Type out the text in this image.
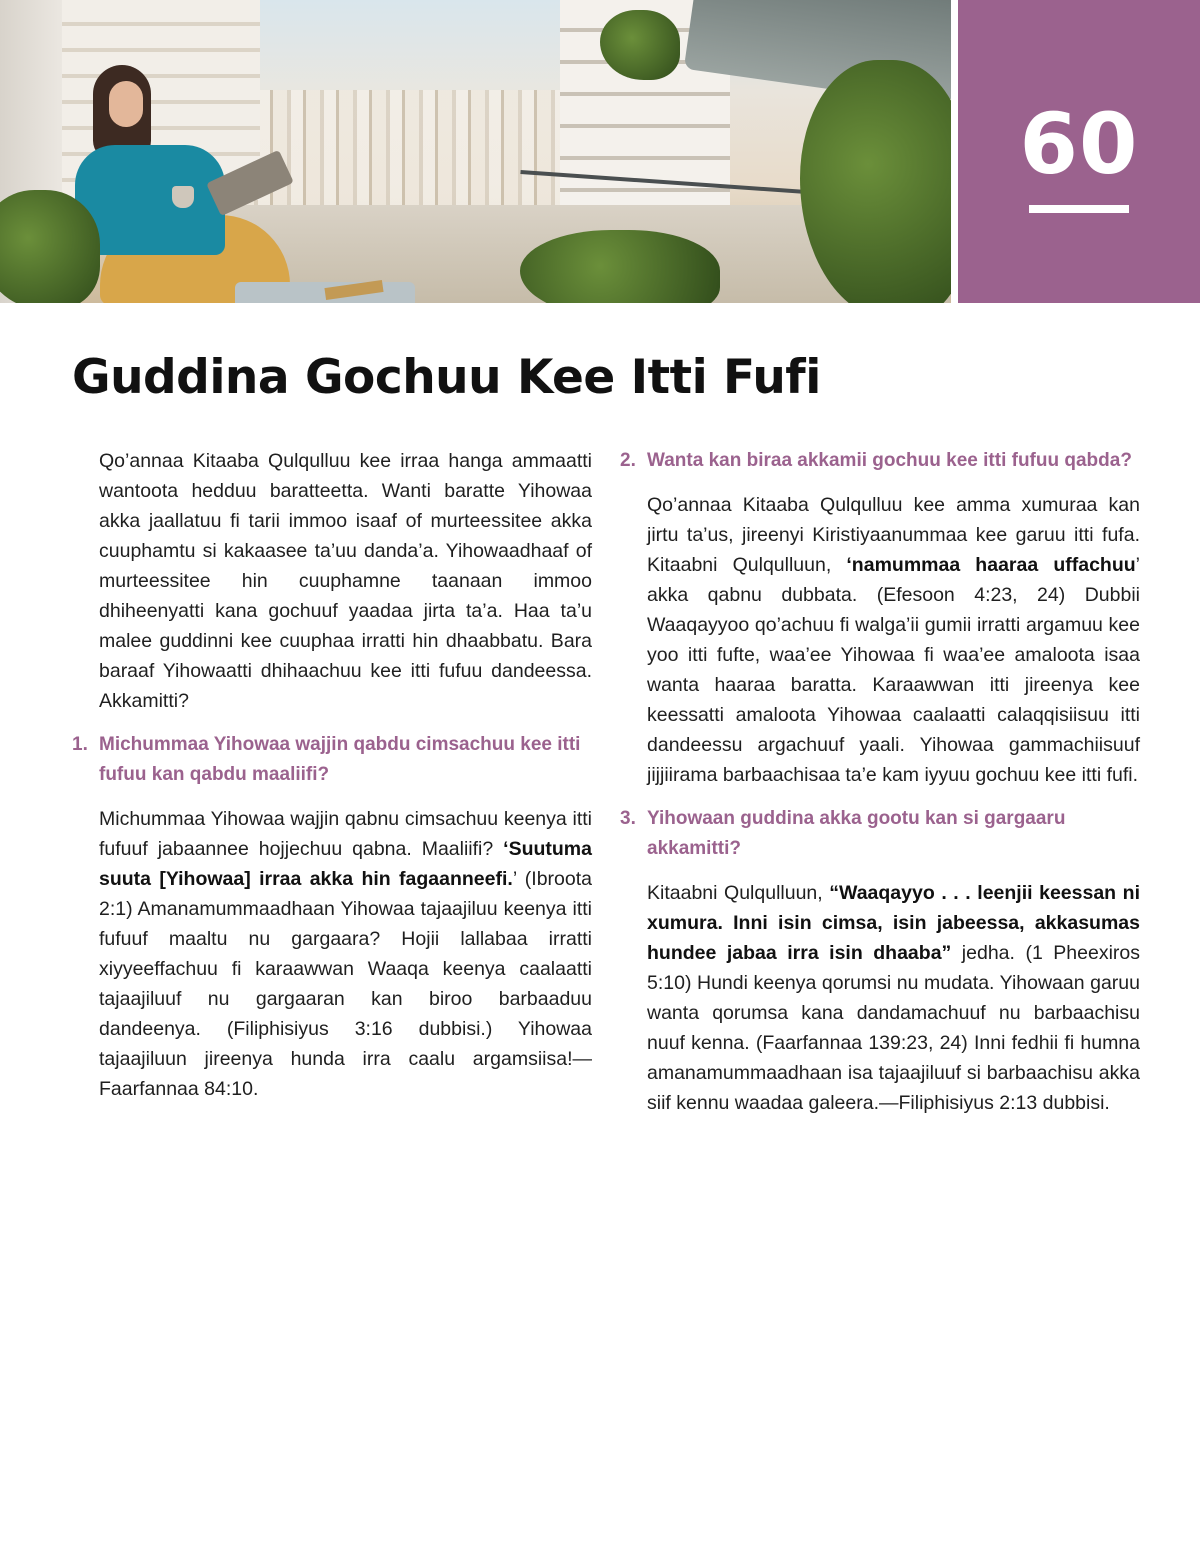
60
Guddina Gochuu Kee Itti Fufi

Qo’annaa Kitaaba Qulqulluu kee irraa hanga ammaatti wantoota hedduu baratteetta. Wanti baratte Yihowaa akka jaallatuu fi tarii immoo isaaf of murteessitee akka cuuphamtu si kakaasee ta’uu danda’a. Yihowaadhaaf of murteessitee hin cuuphamne taanaan immoo dhiheenyatti kana gochuuf yaadaa jirta ta’a. Haa ta’u malee guddinni kee cuuphaa irratti hin dhaabbatu. Bara baraaf Yihowaatti dhihaachuu kee itti fufuu dandeessa. Akkamitti?

1. Michummaa Yihowaa wajjin qabdu cimsachuu kee itti fufuu kan qabdu maaliifi?

Michummaa Yihowaa wajjin qabnu cimsachuu keenya itti fufuuf jabaannee hojjechuu qabna. Maaliifi? ‘Suutuma suuta [Yihowaa] irraa akka hin fagaanneefi.’ (Ibroota 2:1) Amanamummaadhaan Yihowaa tajaajiluu keenya itti fufuuf maaltu nu gargaara? Hojii lallabaa irratti xiyyeeffachuu fi karaawwan Waaqa keenya caalaatti tajaajiluuf nu gargaaran kan biroo barbaaduu dandeenya. (Filiphisiyus 3:16 dubbisi.) Yihowaa tajaajiluun jireenya hunda irra caalu argamsiisa!—Faarfannaa 84:10.

2. Wanta kan biraa akkamii gochuu kee itti fufuu qabda?

Qo’annaa Kitaaba Qulqulluu kee amma xumuraa kan jirtu ta’us, jireenyi Kiristiyaanummaa kee garuu itti fufa. Kitaabni Qulqulluun, ‘namummaa haaraa uffachuu’ akka qabnu dubbata. (Efesoon 4:23, 24) Dubbii Waaqayyoo qo’achuu fi walga’ii gumii irratti argamuu kee yoo itti fufte, waa’ee Yihowaa fi waa’ee amaloota isaa wanta haaraa baratta. Karaawwan itti jireenya kee keessatti amaloota Yihowaa caalaatti calaqqisiisuu itti dandeessu argachuuf yaali. Yihowaa gammachiisuuf jijjiirama barbaachisaa ta’e kam iyyuu gochuu kee itti fufi.

3. Yihowaan guddina akka gootu kan si gargaaru akkamitti?

Kitaabni Qulqulluun, “Waaqayyo . . . leenjii keessan ni xumura. Inni isin cimsa, isin jabeessa, akkasumas hundee jabaa irra isin dhaaba” jedha. (1 Pheexiros 5:10) Hundi keenya qorumsi nu mudata. Yihowaan garuu wanta qorumsa kana dandamachuuf nu barbaachisu nuuf kenna. (Faarfannaa 139:23, 24) Inni fedhii fi humna amanamummaadhaan isa tajaajiluuf si barbaachisu akka siif kennu waadaa galeera.—Filiphisiyus 2:13 dubbisi.
